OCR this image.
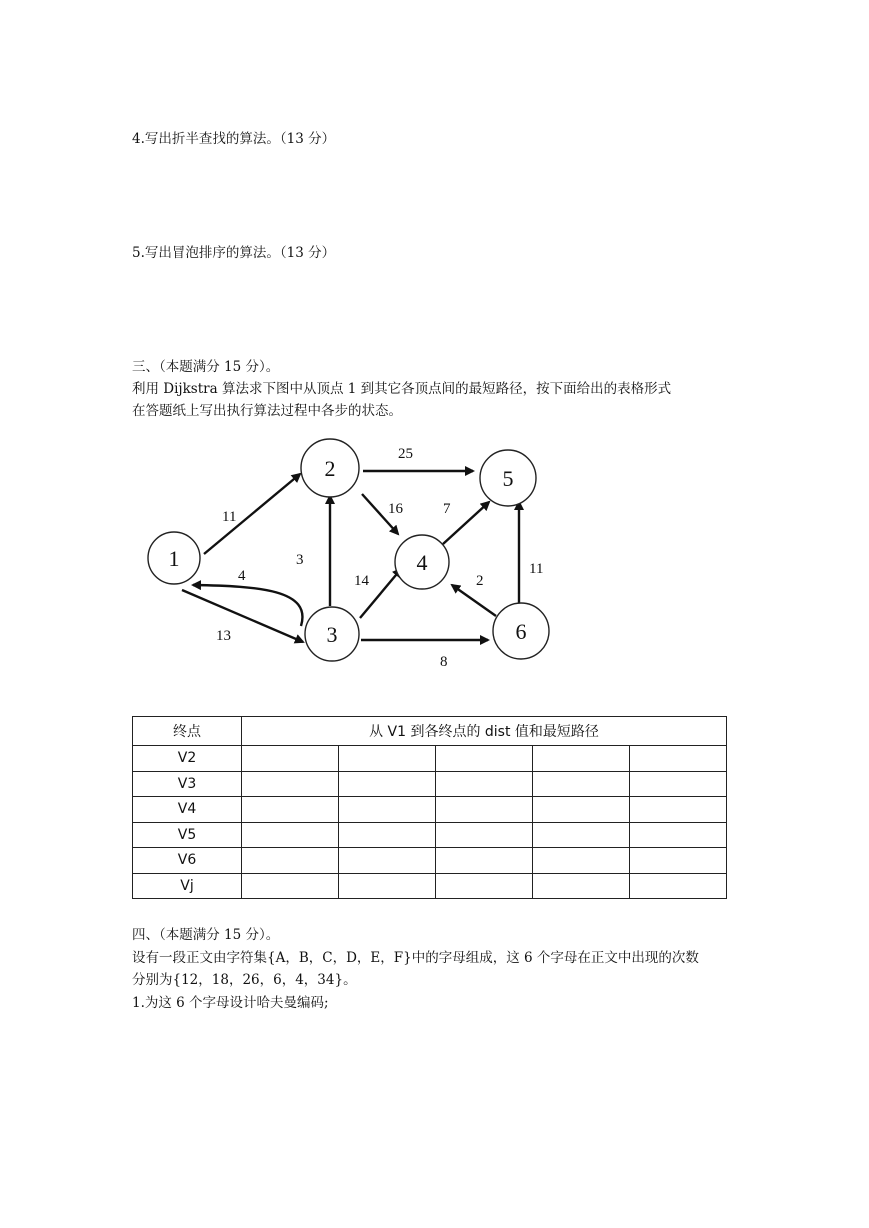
4.写出折半查找的算法。（13 分）
5.写出冒泡排序的算法。（13 分）
三、（本题满分 15 分）。
利用 Dijkstra 算法求下图中从顶点 1 到其它各顶点间的最短路径，按下面给出的表格形式
在答题纸上写出执行算法过程中各步的状态。
1
2
3
4
5
6
11
13
4
3
25
16	7
14	2
11
8
终点	从 V1 到各终点的 dist 值和最短路径				
V2					
V3					
V4					
V5					
V6					
Vj					
四、（本题满分 15 分）。
设有一段正文由字符集{A，B，C，D，E，F}中的字母组成，这 6 个字母在正文中出现的次数
分别为{12，18，26，6，4，34}。
1.为这 6 个字母设计哈夫曼编码;
